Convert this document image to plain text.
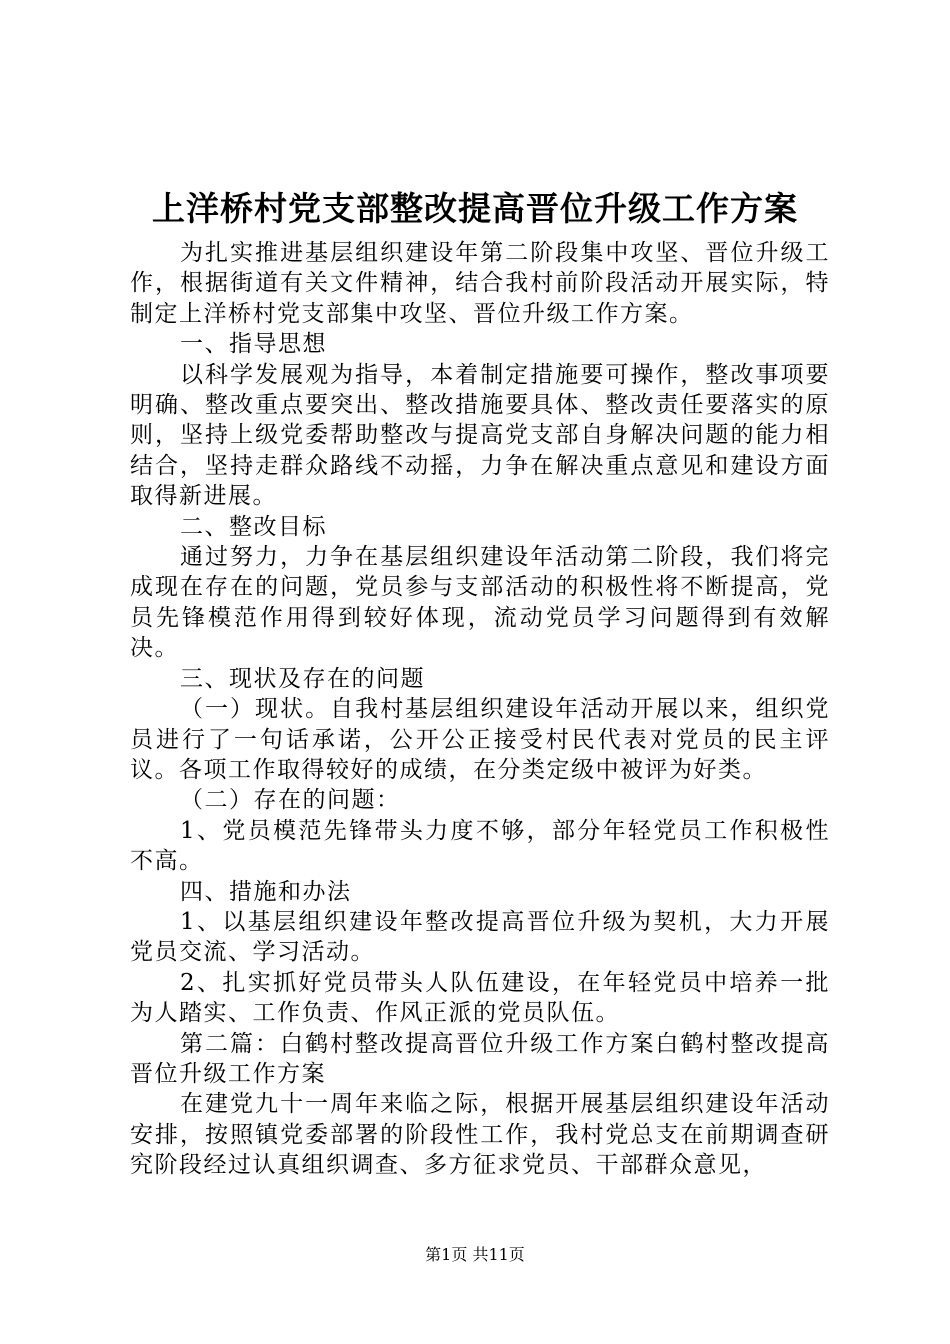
上洋桥村党支部整改提高晋位升级工作方案

为扎实推进基层组织建设年第二阶段集中攻坚、晋位升级工作，根据街道有关文件精神，结合我村前阶段活动开展实际，特制定上洋桥村党支部集中攻坚、晋位升级工作方案。

一、指导思想

以科学发展观为指导，本着制定措施要可操作，整改事项要明确、整改重点要突出、整改措施要具体、整改责任要落实的原则，坚持上级党委帮助整改与提高党支部自身解决问题的能力相结合，坚持走群众路线不动摇，力争在解决重点意见和建设方面取得新进展。

二、整改目标

通过努力，力争在基层组织建设年活动第二阶段，我们将完成现在存在的问题，党员参与支部活动的积极性将不断提高，党员先锋模范作用得到较好体现，流动党员学习问题得到有效解决。

三、现状及存在的问题

（一）现状。自我村基层组织建设年活动开展以来，组织党员进行了一句话承诺，公开公正接受村民代表对党员的民主评议。各项工作取得较好的成绩，在分类定级中被评为好类。

（二）存在的问题：

1、党员模范先锋带头力度不够，部分年轻党员工作积极性不高。

四、措施和办法

1、以基层组织建设年整改提高晋位升级为契机，大力开展党员交流、学习活动。

2、扎实抓好党员带头人队伍建设，在年轻党员中培养一批为人踏实、工作负责、作风正派的党员队伍。

第二篇：白鹤村整改提高晋位升级工作方案白鹤村整改提高晋位升级工作方案

在建党九十一周年来临之际，根据开展基层组织建设年活动安排，按照镇党委部署的阶段性工作，我村党总支在前期调查研究阶段经过认真组织调查、多方征求党员、干部群众意见，

第1页 共11页
